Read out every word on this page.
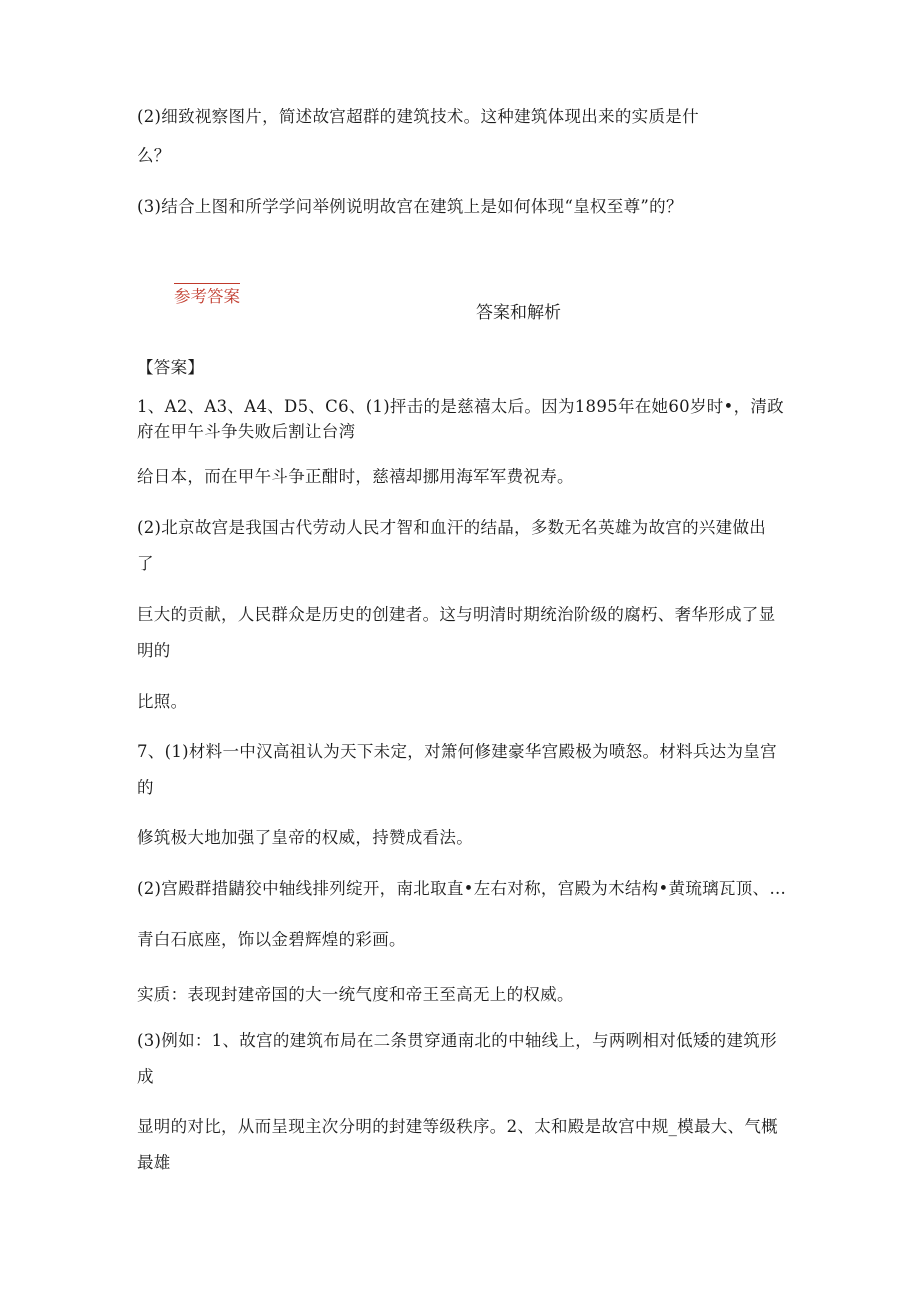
(2)细致视察图片，简述故宫超群的建筑技术。这种建筑体现出来的实质是什
么？
(3)结合上图和所学学问举例说明故宫在建筑上是如何体现“皇权至尊”的？
参考答案
答案和解析
【答案】
1、A2、A3、A4、D5、C6、(1)抨击的是慈禧太后。因为1895年在她60岁时•，清政
府在甲午斗争失败后割让台湾
给日本，而在甲午斗争正酣时，慈禧却挪用海军军费祝寿。
(2)北京故宫是我国古代劳动人民才智和血汗的结晶，多数无名英雄为故宫的兴建做出
了
巨大的贡献，人民群众是历史的创建者。这与明清时期统治阶级的腐朽、奢华形成了显
明的
比照。
7、(1)材料一中汉高祖认为天下未定，对箫何修建豪华宫殿极为喷怒。材料兵达为皇宫
的
修筑极大地加强了皇帝的权威，持赞成看法。
(2)宫殿群措鼱狡中轴线排列绽开，南北取直•左右对称，宫殿为木结构•黄琉璃瓦顶、…
青白石底座，饰以金碧辉煌的彩画。
实质：表现封建帝国的大一统气度和帝王至高无上的权威。
(3)例如：1、故宫的建筑布局在二条贯穿通南北的中轴线上，与两咧相对低矮的建筑形
成
显明的对比，从而呈现主次分明的封建等级秩序。2、太和殿是故宫中规_模最大、气概
最雄
